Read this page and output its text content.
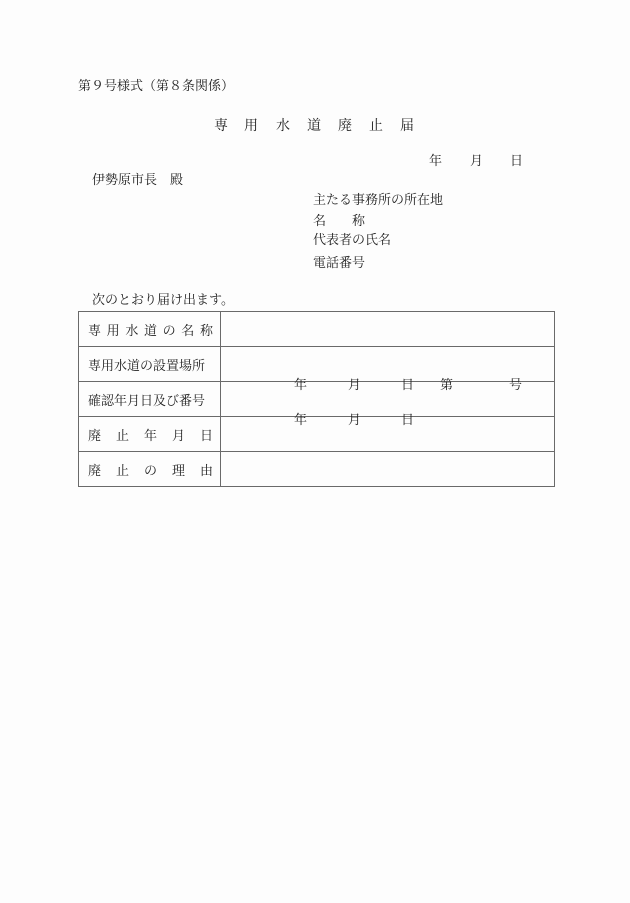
第９号様式（第８条関係）
専 用 水 道 廃 止 届
年 月 日
伊勢原市長　殿
主たる事務所の所在地
名　　称
代表者の氏名
電話番号
次のとおり届け出ます。
専 用 水 道 の 名 称

専用水道の設置場所	
確認年月日及び番号	年 月 日 第 号

廃 止 年 月 日	年 月 日

廃 止 の 理 由	
